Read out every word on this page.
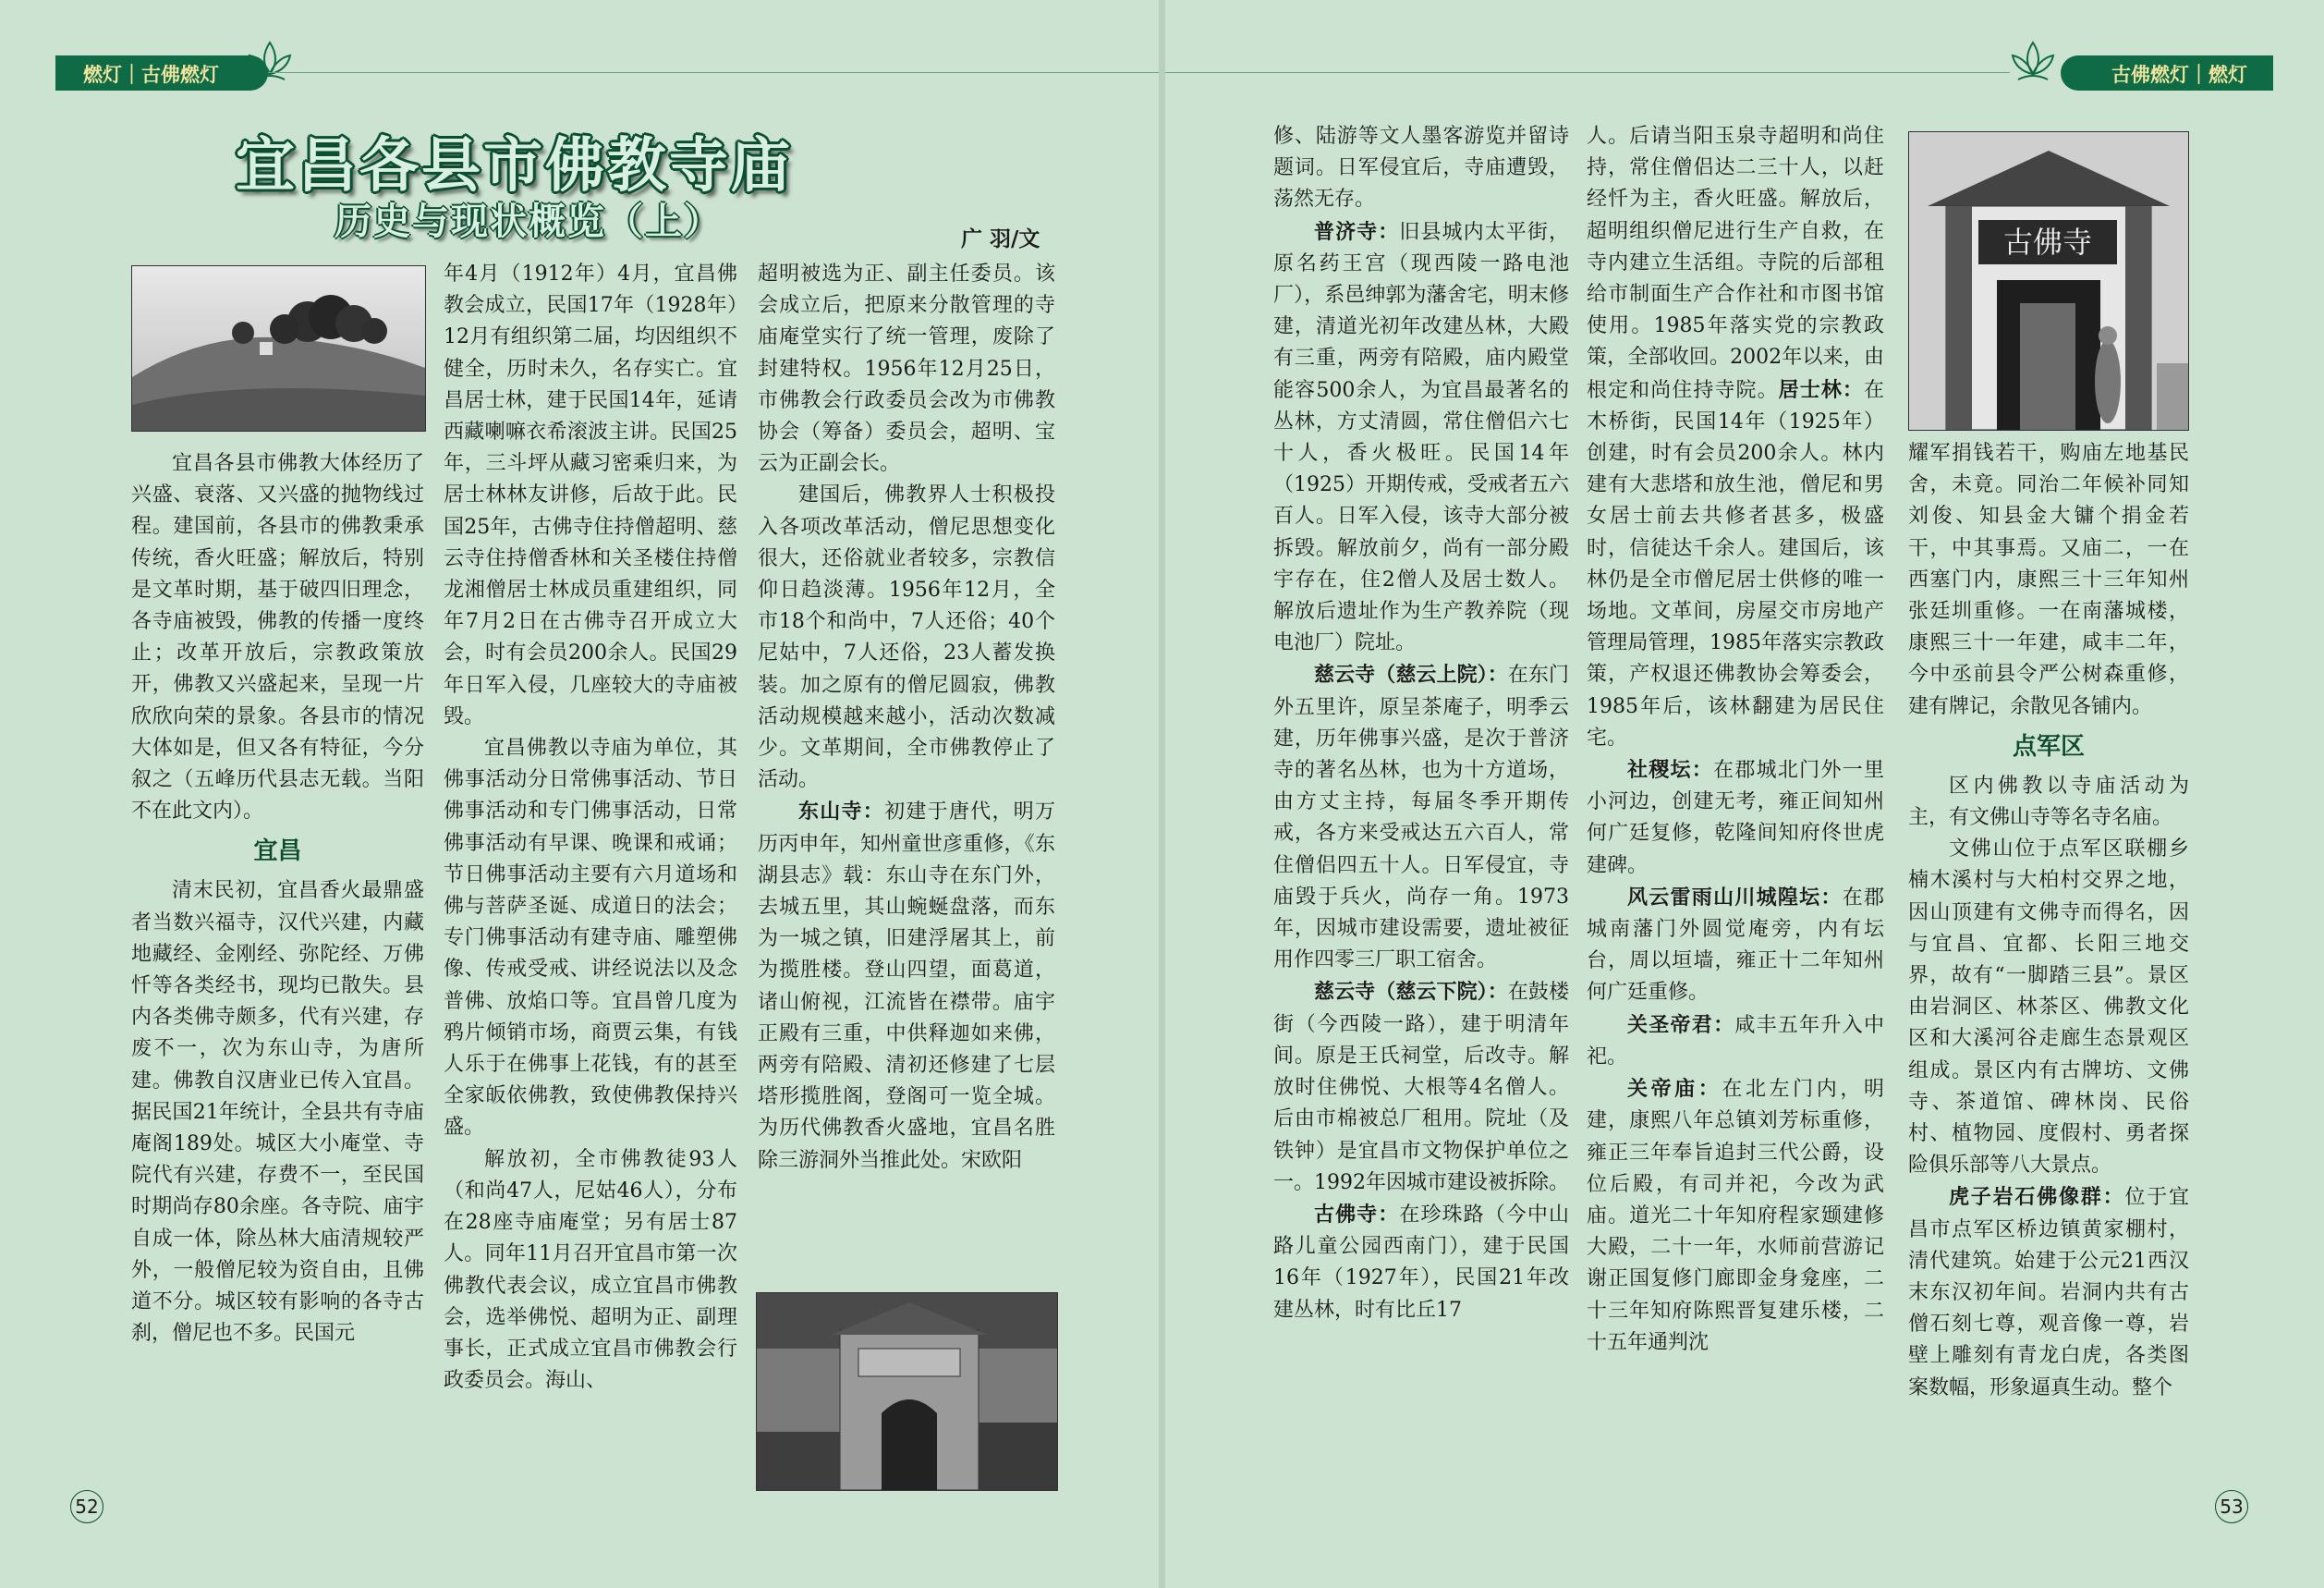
燃灯｜古佛燃灯
宜昌各县市佛教寺庙
历史与现状概览（上）	广 羽/文

宜昌各县市佛教大体经历了兴盛、衰落、又兴盛的抛物线过程。建国前，各县市的佛教秉承传统，香火旺盛；解放后，特别是文革时期，基于破四旧理念，各寺庙被毁，佛教的传播一度终止；改革开放后，宗教政策放开，佛教又兴盛起来，呈现一片欣欣向荣的景象。各县市的情况大体如是，但又各有特征，今分叙之（五峰历代县志无载。当阳不在此文内）。

宜昌

清末民初，宜昌香火最鼎盛者当数兴福寺，汉代兴建，内藏地藏经、金刚经、弥陀经、万佛忏等各类经书，现均已散失。县内各类佛寺颇多，代有兴建，存废不一，次为东山寺，为唐所建。佛教自汉唐业已传入宜昌。据民国21年统计，全县共有寺庙庵阁189处。城区大小庵堂、寺院代有兴建，存费不一，至民国时期尚存80余座。各寺院、庙宇自成一体，除丛林大庙清规较严外，一般僧尼较为资自由，且佛道不分。城区较有影响的各寺古刹，僧尼也不多。民国元

年4月（1912年）4月，宜昌佛教会成立，民国17年（1928年）12月有组织第二届，均因组织不健全，历时未久，名存实亡。宜昌居士林，建于民国14年，延请西藏喇嘛衣希滚波主讲。民国25年，三斗坪从藏习密乘归来，为居士林林友讲修，后故于此。民国25年，古佛寺住持僧超明、慈云寺住持僧香林和关圣楼住持僧龙湘僧居士林成员重建组织，同年7月2日在古佛寺召开成立大会，时有会员200余人。民国29年日军入侵，几座较大的寺庙被毁。

宜昌佛教以寺庙为单位，其佛事活动分日常佛事活动、节日佛事活动和专门佛事活动，日常佛事活动有早课、晚课和戒诵；节日佛事活动主要有六月道场和佛与菩萨圣诞、成道日的法会；专门佛事活动有建寺庙、雕塑佛像、传戒受戒、讲经说法以及念普佛、放焰口等。宜昌曾几度为鸦片倾销市场，商贾云集，有钱人乐于在佛事上花钱，有的甚至全家皈依佛教，致使佛教保持兴盛。

解放初，全市佛教徒93人（和尚47人，尼姑46人），分布在28座寺庙庵堂；另有居士87人。同年11月召开宜昌市第一次佛教代表会议，成立宜昌市佛教会，选举佛悦、超明为正、副理事长，正式成立宜昌市佛教会行政委员会。海山、

超明被选为正、副主任委员。该会成立后，把原来分散管理的寺庙庵堂实行了统一管理，废除了封建特权。1956年12月25日，市佛教会行政委员会改为市佛教协会（筹备）委员会，超明、宝云为正副会长。

建国后，佛教界人士积极投入各项改革活动，僧尼思想变化很大，还俗就业者较多，宗教信仰日趋淡薄。1956年12月，全市18个和尚中，7人还俗；40个尼姑中，7人还俗，23人蓄发换装。加之原有的僧尼圆寂，佛教活动规模越来越小，活动次数减少。文革期间，全市佛教停止了活动。

东山寺：初建于唐代，明万历丙申年，知州童世彦重修，《东湖县志》载：东山寺在东门外，去城五里，其山蜿蜒盘落，而东为一城之镇，旧建浮屠其上，前为揽胜楼。登山四望，面葛道，诸山俯视，江流皆在襟带。庙宇正殿有三重，中供释迦如来佛，两旁有陪殿、清初还修建了七层塔形揽胜阁，登阁可一览全城。为历代佛教香火盛地，宜昌名胜除三游洞外当推此处。宋欧阳

52
古佛燃灯｜燃灯

修、陆游等文人墨客游览并留诗题词。日军侵宜后，寺庙遭毁，荡然无存。

普济寺：旧县城内太平街，原名药王宫（现西陵一路电池厂），系邑绅郭为藩舍宅，明末修建，清道光初年改建丛林，大殿有三重，两旁有陪殿，庙内殿堂能容500余人，为宜昌最著名的丛林，方丈清圆，常住僧侣六七十人，香火极旺。民国14年（1925）开期传戒，受戒者五六百人。日军入侵，该寺大部分被拆毁。解放前夕，尚有一部分殿宇存在，住2僧人及居士数人。解放后遗址作为生产教养院（现电池厂）院址。

慈云寺（慈云上院）：在东门外五里许，原呈茶庵子，明季云建，历年佛事兴盛，是次于普济寺的著名丛林，也为十方道场，由方丈主持，每届冬季开期传戒，各方来受戒达五六百人，常住僧侣四五十人。日军侵宜，寺庙毁于兵火，尚存一角。1973年，因城市建设需要，遗址被征用作四零三厂职工宿舍。

慈云寺（慈云下院）：在鼓楼街（今西陵一路），建于明清年间。原是王氏祠堂，后改寺。解放时住佛悦、大根等4名僧人。后由市棉被总厂租用。院址（及铁钟）是宜昌市文物保护单位之一。1992年因城市建设被拆除。

古佛寺：在珍珠路（今中山路儿童公园西南门），建于民国16年（1927年），民国21年改建丛林，时有比丘17

人。后请当阳玉泉寺超明和尚住持，常住僧侣达二三十人，以赶经忏为主，香火旺盛。解放后，超明组织僧尼进行生产自救，在寺内建立生活组。寺院的后部租给市制面生产合作社和市图书馆使用。1985年落实党的宗教政策，全部收回。2002年以来，由根定和尚住持寺院。居士林：在木桥街，民国14年（1925年）创建，时有会员200余人。林内建有大悲塔和放生池，僧尼和男女居士前去共修者甚多，极盛时，信徒达千余人。建国后，该林仍是全市僧尼居士供修的唯一场地。文革间，房屋交市房地产管理局管理，1985年落实宗教政策，产权退还佛教协会筹委会，1985年后，该林翻建为居民住宅。

社稷坛：在郡城北门外一里小河边，创建无考，雍正间知州何广廷复修，乾隆间知府佟世虎建碑。

风云雷雨山川城隍坛：在郡城南藩门外圆觉庵旁，内有坛台，周以垣墙，雍正十二年知州何广廷重修。

关圣帝君：咸丰五年升入中祀。

关帝庙：在北左门内，明建，康熙八年总镇刘芳标重修，雍正三年奉旨追封三代公爵，设位后殿，有司并祀，今改为武庙。道光二十年知府程家颋建修大殿，二十一年，水师前营游记谢正国复修门廊即金身龛座，二十三年知府陈熙晋复建乐楼，二十五年通判沈

古佛寺

耀军捐钱若干，购庙左地基民舍，未竟。同治二年候补同知刘俊、知县金大镛个捐金若干，中其事焉。又庙二，一在西塞门内，康熙三十三年知州张廷圳重修。一在南藩城楼，康熙三十一年建，咸丰二年，今中丞前县令严公树森重修，建有牌记，余散见各铺内。

点军区

区内佛教以寺庙活动为主，有文佛山寺等名寺名庙。

文佛山位于点军区联棚乡楠木溪村与大柏村交界之地，因山顶建有文佛寺而得名，因与宜昌、宜都、长阳三地交界，故有“一脚踏三县”。景区由岩洞区、林茶区、佛教文化区和大溪河谷走廊生态景观区组成。景区内有古牌坊、文佛寺、茶道馆、碑林岗、民俗村、植物园、度假村、勇者探险俱乐部等八大景点。

虎子岩石佛像群：位于宜昌市点军区桥边镇黄家棚村，清代建筑。始建于公元21西汉末东汉初年间。岩洞内共有古僧石刻七尊，观音像一尊，岩壁上雕刻有青龙白虎，各类图案数幅，形象逼真生动。整个

53
